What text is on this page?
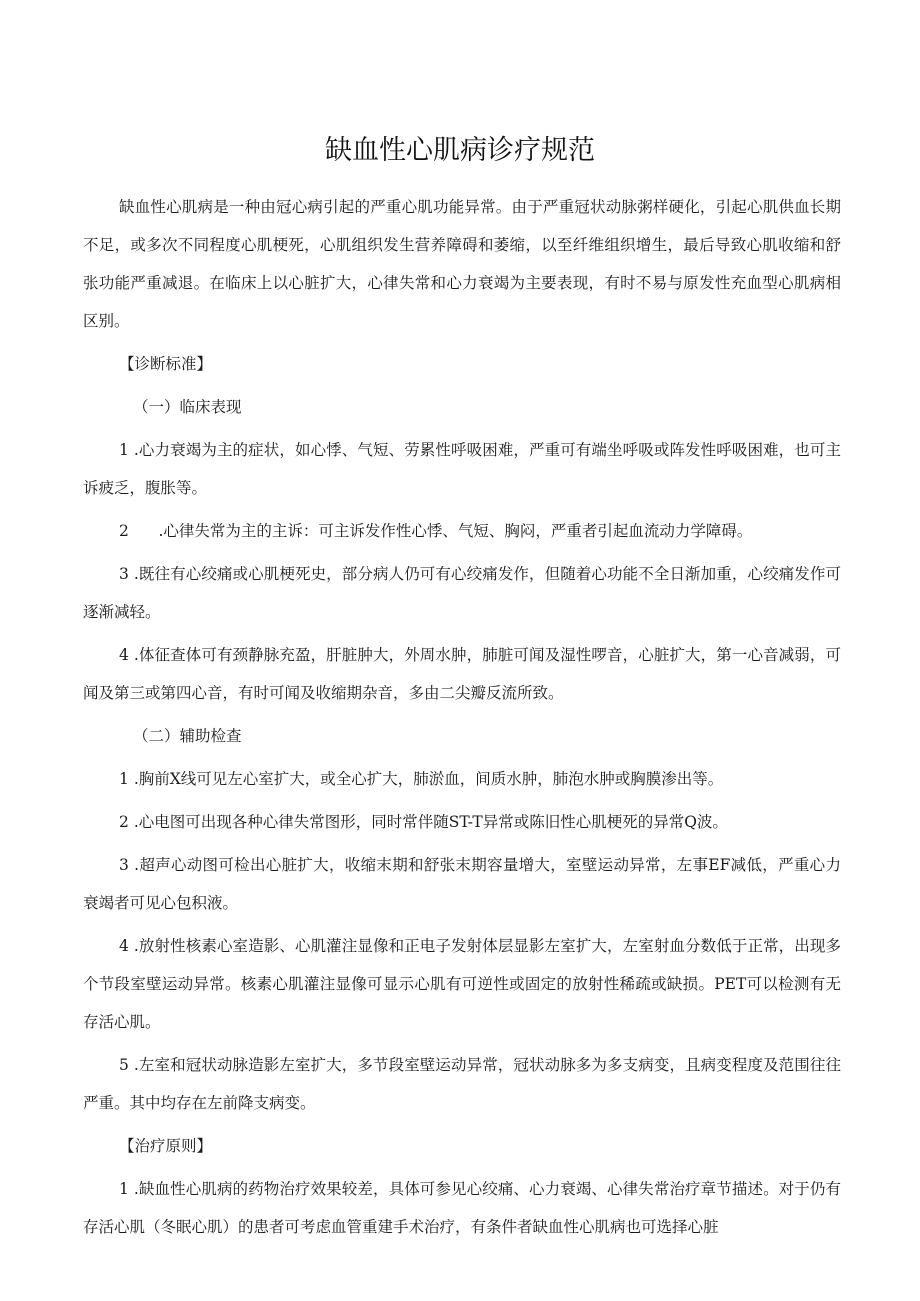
缺血性心肌病诊疗规范

缺血性心肌病是一种由冠心病引起的严重心肌功能异常。由于严重冠状动脉粥样硬化，引起心肌供血长期不足，或多次不同程度心肌梗死，心肌组织发生营养障碍和萎缩，以至纤维组织增生，最后导致心肌收缩和舒张功能严重减退。在临床上以心脏扩大，心律失常和心力衰竭为主要表现，有时不易与原发性充血型心肌病相区别。

【诊断标准】

（一）临床表现

1 .心力衰竭为主的症状，如心悸、气短、劳累性呼吸困难，严重可有端坐呼吸或阵发性呼吸困难，也可主诉疲乏，腹胀等。

2 .心律失常为主的主诉：可主诉发作性心悸、气短、胸闷，严重者引起血流动力学障碍。

3 .既往有心绞痛或心肌梗死史，部分病人仍可有心绞痛发作，但随着心功能不全日渐加重，心绞痛发作可逐渐减轻。

4 .体征查体可有颈静脉充盈，肝脏肿大，外周水肿，肺脏可闻及湿性啰音，心脏扩大，第一心音减弱，可闻及第三或第四心音，有时可闻及收缩期杂音，多由二尖瓣反流所致。

（二）辅助检查

1 .胸前X线可见左心室扩大，或全心扩大，肺淤血，间质水肿，肺泡水肿或胸膜渗出等。

2 .心电图可出现各种心律失常图形，同时常伴随ST-T异常或陈旧性心肌梗死的异常Q波。

3 .超声心动图可检出心脏扩大，收缩末期和舒张末期容量增大，室壁运动异常，左事EF减低，严重心力衰竭者可见心包积液。

4 .放射性核素心室造影、心肌灌注显像和正电子发射体层显影左室扩大，左室射血分数低于正常，出现多个节段室壁运动异常。核素心肌灌注显像可显示心肌有可逆性或固定的放射性稀疏或缺损。PET可以检测有无存活心肌。

5 .左室和冠状动脉造影左室扩大，多节段室壁运动异常，冠状动脉多为多支病变，且病变程度及范围往往严重。其中均存在左前降支病变。

【治疗原则】

1 .缺血性心肌病的药物治疗效果较差，具体可参见心绞痛、心力衰竭、心律失常治疗章节描述。对于仍有存活心肌（冬眠心肌）的患者可考虑血管重建手术治疗，有条件者缺血性心肌病也可选择心脏
